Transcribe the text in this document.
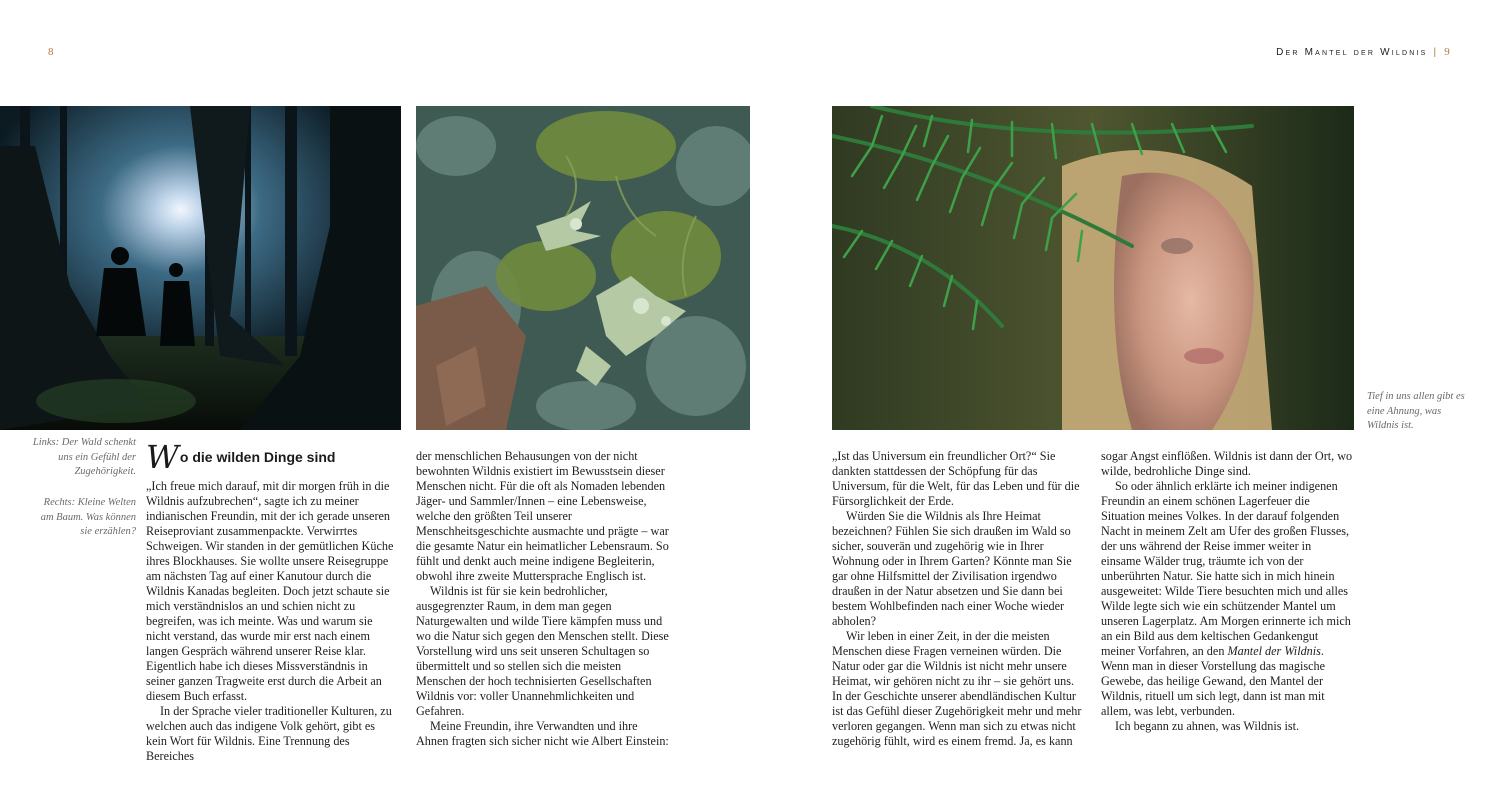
8	Der Mantel der Wildnis | 9
Links: Der Wald schenkt uns ein Gefühl der Zugehörigkeit.
Rechts: Kleine Welten am Baum. Was können sie erzählen?
Tief in uns allen gibt es eine Ahnung, was Wildnis ist.
Wo die wilden Dinge sind

„Ich freue mich darauf, mit dir morgen früh in die Wildnis aufzubrechen“, sagte ich zu meiner indianischen Freundin, mit der ich gerade unseren Reiseproviant zusammenpackte. Verwirrtes Schweigen. Wir standen in der gemütlichen Küche ihres Blockhauses. Sie wollte unsere Reisegruppe am nächsten Tag auf einer Kanutour durch die Wildnis Kanadas begleiten. Doch jetzt schaute sie mich verständnislos an und schien nicht zu begreifen, was ich meinte. Was und warum sie nicht verstand, das wurde mir erst nach einem langen Gespräch während unserer Reise klar. Eigentlich habe ich dieses Missverständnis in seiner ganzen Tragweite erst durch die Arbeit an diesem Buch erfasst.

In der Sprache vieler traditioneller Kulturen, zu welchen auch das indigene Volk gehört, gibt es kein Wort für Wildnis. Eine Trennung des Bereiches

der menschlichen Behausungen von der nicht bewohnten Wildnis existiert im Bewusstsein dieser Menschen nicht. Für die oft als Nomaden lebenden Jäger- und Sammler/Innen – eine Lebensweise, welche den größten Teil unserer Menschheitsgeschichte ausmachte und prägte – war die gesamte Natur ein heimatlicher Lebensraum. So fühlt und denkt auch meine indigene Begleiterin, obwohl ihre zweite Muttersprache Englisch ist.

Wildnis ist für sie kein bedrohlicher, ausgegrenzter Raum, in dem man gegen Naturgewalten und wilde Tiere kämpfen muss und wo die Natur sich gegen den Menschen stellt. Diese Vorstellung wird uns seit unseren Schultagen so übermittelt und so stellen sich die meisten Menschen der hoch technisierten Gesellschaften Wildnis vor: voller Unannehmlichkeiten und Gefahren.

Meine Freundin, ihre Verwandten und ihre Ahnen fragten sich sicher nicht wie Albert Einstein:

„Ist das Universum ein freundlicher Ort?“ Sie dankten stattdessen der Schöpfung für das Universum, für die Welt, für das Leben und für die Fürsorglichkeit der Erde.

Würden Sie die Wildnis als Ihre Heimat bezeichnen? Fühlen Sie sich draußen im Wald so sicher, souverän und zugehörig wie in Ihrer Wohnung oder in Ihrem Garten? Könnte man Sie gar ohne Hilfsmittel der Zivilisation irgendwo draußen in der Natur absetzen und Sie dann bei bestem Wohlbefinden nach einer Woche wieder abholen?

Wir leben in einer Zeit, in der die meisten Menschen diese Fragen verneinen würden. Die Natur oder gar die Wildnis ist nicht mehr unsere Heimat, wir gehören nicht zu ihr – sie gehört uns. In der Geschichte unserer abendländischen Kultur ist das Gefühl dieser Zugehörigkeit mehr und mehr verloren gegangen. Wenn man sich zu etwas nicht zugehörig fühlt, wird es einem fremd. Ja, es kann

sogar Angst einflößen. Wildnis ist dann der Ort, wo wilde, bedrohliche Dinge sind.

So oder ähnlich erklärte ich meiner indigenen Freundin an einem schönen Lagerfeuer die Situation meines Volkes. In der darauf folgenden Nacht in meinem Zelt am Ufer des großen Flusses, der uns während der Reise immer weiter in einsame Wälder trug, träumte ich von der unberührten Natur. Sie hatte sich in mich hinein ausgeweitet: Wilde Tiere besuchten mich und alles Wilde legte sich wie ein schützender Mantel um unseren Lagerplatz. Am Morgen erinnerte ich mich an ein Bild aus dem keltischen Gedankengut meiner Vorfahren, an den Mantel der Wildnis. Wenn man in dieser Vorstellung das magische Gewebe, das heilige Gewand, den Mantel der Wildnis, rituell um sich legt, dann ist man mit allem, was lebt, verbunden.

Ich begann zu ahnen, was Wildnis ist.
